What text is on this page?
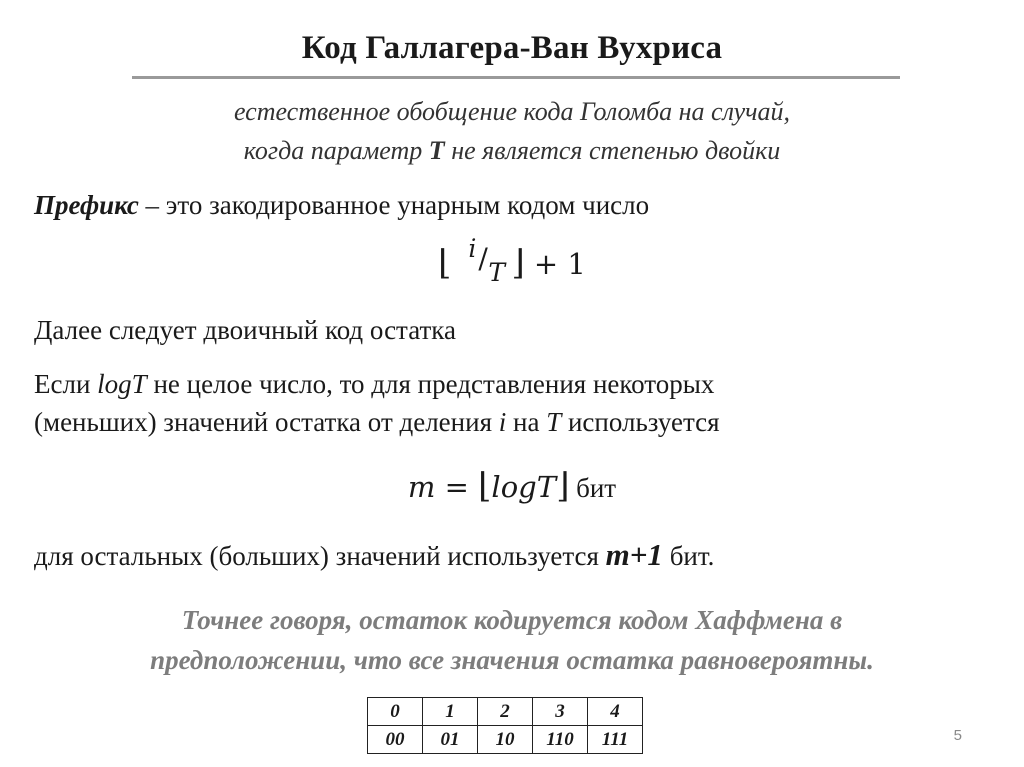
Код Галлагера-Ван Вухриса
естественное обобщение кода Голомба на случай,
когда параметр T не является степенью двойки
Префикс – это закодированное унарным кодом число
⌊ i / T ⌋ + 1
Далее следует двоичный код остатка
Если logT не целое число, то для представления некоторых
(меньших) значений остатка от деления i на T используется
m = ⌊logT⌋ бит
для остальных (больших) значений используется m+1 бит.
Точнее говоря, остаток кодируется кодом Хаффмена в
предположении, что все значения остатка равновероятны.
0	1	2	3	4
00	01	10	110	111	5
